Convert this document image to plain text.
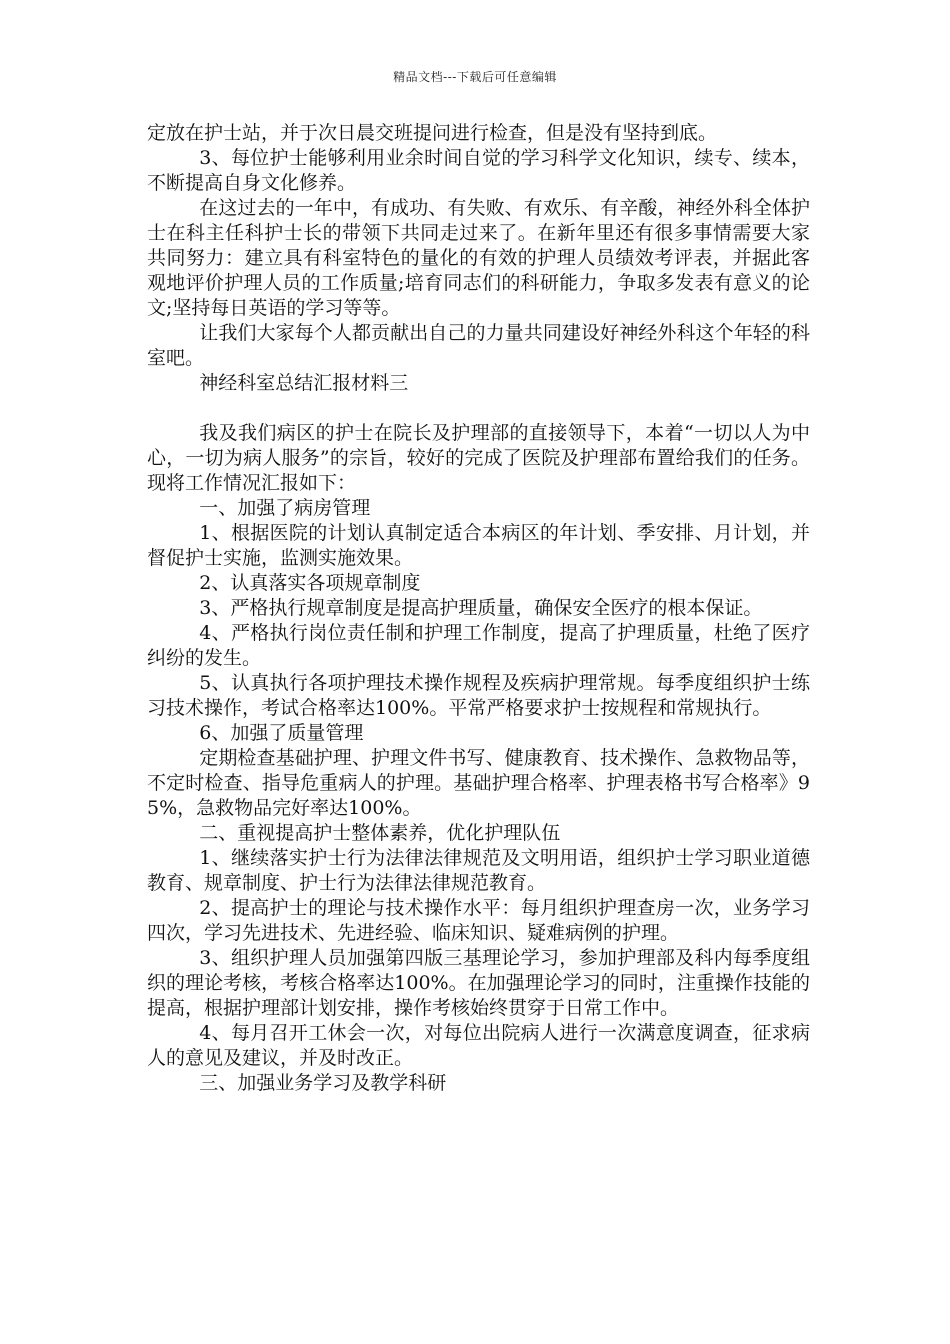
精品文档---下载后可任意编辑

定放在护士站，并于次日晨交班提问进行检查，但是没有坚持到底。

3、每位护士能够利用业余时间自觉的学习科学文化知识，续专、续本，不断提高自身文化修养。

在这过去的一年中，有成功、有失败、有欢乐、有辛酸，神经外科全体护士在科主任科护士长的带领下共同走过来了。在新年里还有很多事情需要大家共同努力：建立具有科室特色的量化的有效的护理人员绩效考评表，并据此客观地评价护理人员的工作质量;培育同志们的科研能力，争取多发表有意义的论文;坚持每日英语的学习等等。

让我们大家每个人都贡献出自己的力量共同建设好神经外科这个年轻的科室吧。

神经科室总结汇报材料三

我及我们病区的护士在院长及护理部的直接领导下，本着“一切以人为中心，一切为病人服务”的宗旨，较好的完成了医院及护理部布置给我们的任务。现将工作情况汇报如下：

一、加强了病房管理

1、根据医院的计划认真制定适合本病区的年计划、季安排、月计划，并督促护士实施，监测实施效果。

2、认真落实各项规章制度

3、严格执行规章制度是提高护理质量，确保安全医疗的根本保证。

4、严格执行岗位责任制和护理工作制度，提高了护理质量，杜绝了医疗纠纷的发生。

5、认真执行各项护理技术操作规程及疾病护理常规。每季度组织护士练习技术操作，考试合格率达100%。平常严格要求护士按规程和常规执行。

6、加强了质量管理

定期检查基础护理、护理文件书写、健康教育、技术操作、急救物品等，不定时检查、指导危重病人的护理。基础护理合格率、护理表格书写合格率》95%，急救物品完好率达100%。

二、重视提高护士整体素养，优化护理队伍

1、继续落实护士行为法律法律规范及文明用语，组织护士学习职业道德教育、规章制度、护士行为法律法律规范教育。

2、提高护士的理论与技术操作水平：每月组织护理查房一次，业务学习四次，学习先进技术、先进经验、临床知识、疑难病例的护理。

3、组织护理人员加强第四版三基理论学习，参加护理部及科内每季度组织的理论考核，考核合格率达100%。在加强理论学习的同时，注重操作技能的提高，根据护理部计划安排，操作考核始终贯穿于日常工作中。

4、每月召开工休会一次，对每位出院病人进行一次满意度调查，征求病人的意见及建议，并及时改正。

三、加强业务学习及教学科研
